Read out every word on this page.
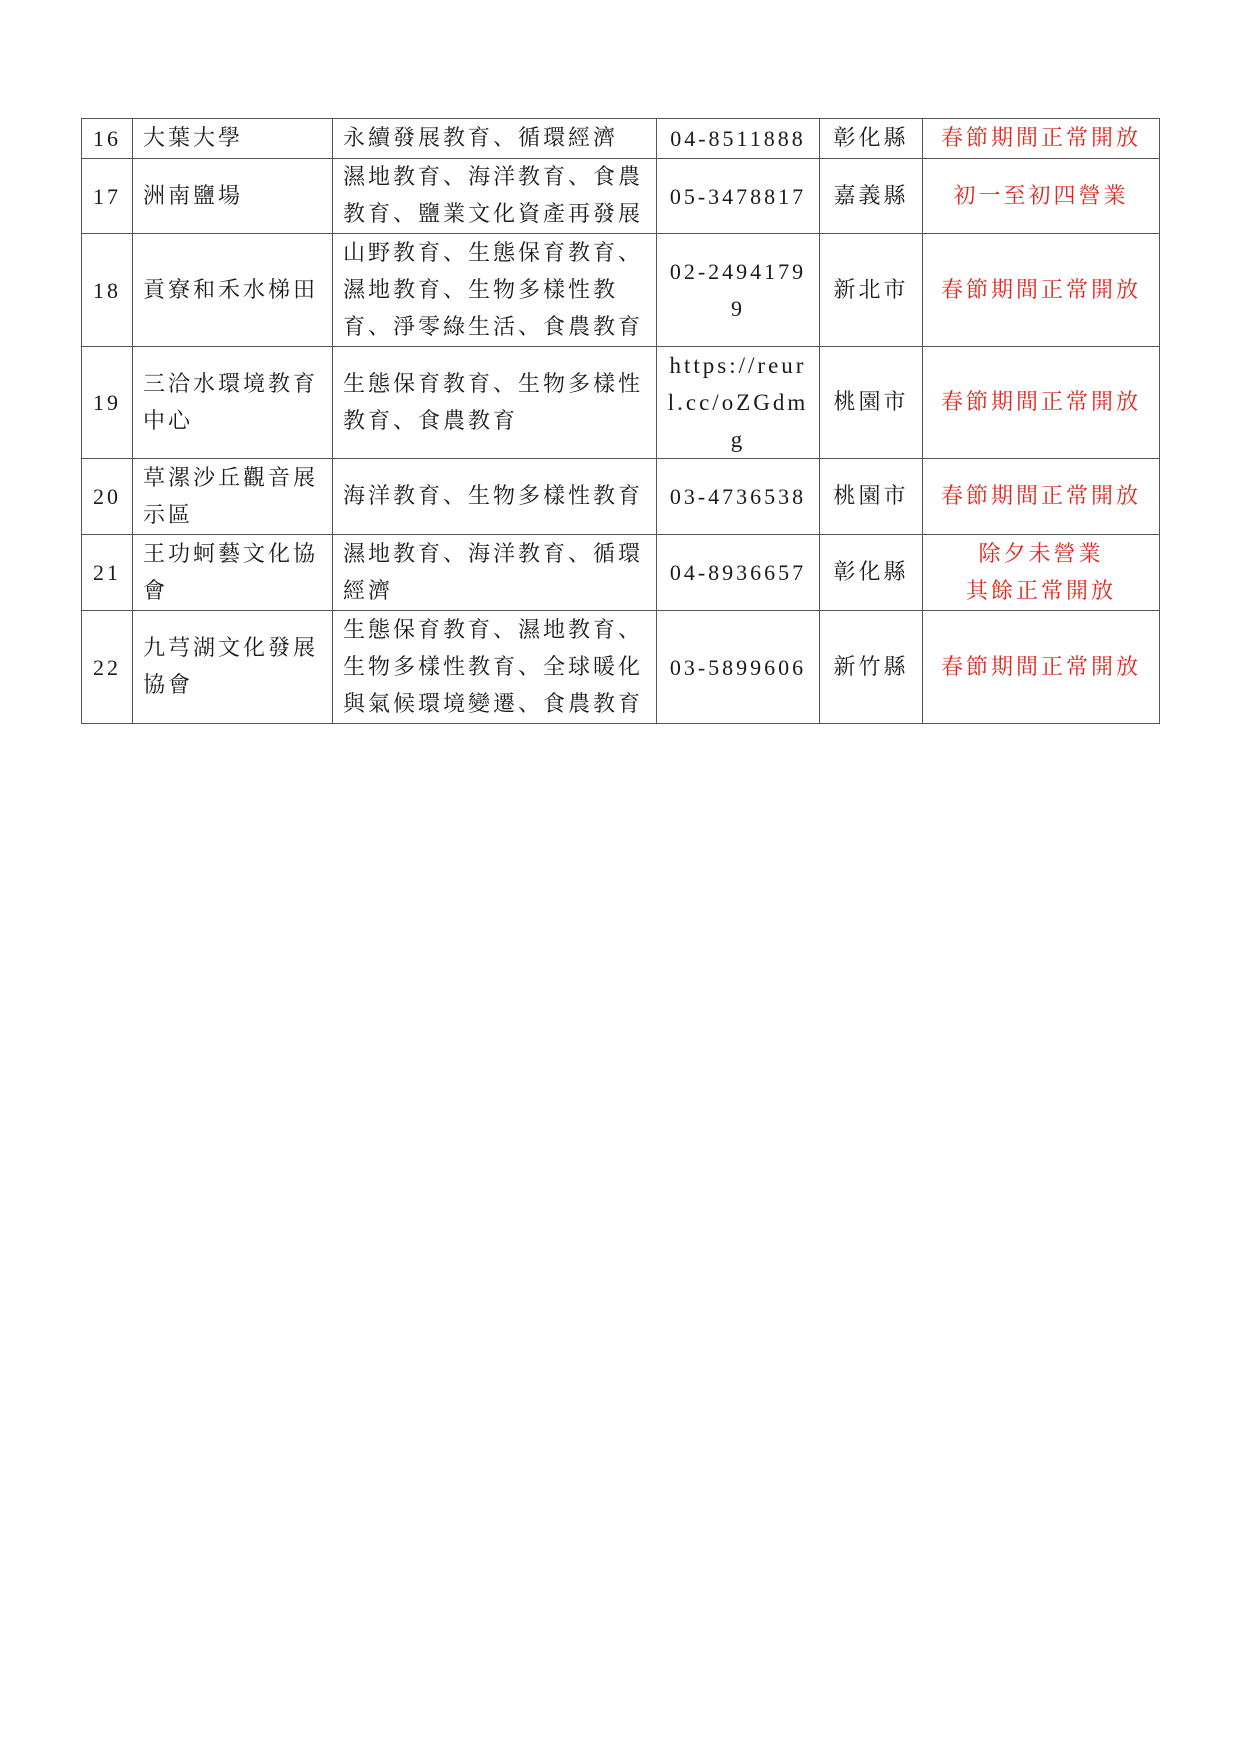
16	大葉大學	永續發展教育、循環經濟	04-8511888	彰化縣	春節期間正常開放

17	洲南鹽場	濕地教育、海洋教育、食農教育、鹽業文化資產再發展	05-3478817	嘉義縣	初一至初四營業

18	貢寮和禾水梯田	山野教育、生態保育教育、濕地教育、生物多樣性教育、淨零綠生活、食農教育	02-24941799	新北市	春節期間正常開放

19	三洽水環境教育中心	生態保育教育、生物多樣性教育、食農教育	https://reurl.cc/oZGdmg	桃園市	春節期間正常開放

20	草漯沙丘觀音展示區	海洋教育、生物多樣性教育	03-4736538	桃園市	春節期間正常開放

21	王功蚵藝文化協會	濕地教育、海洋教育、循環經濟	04-8936657	彰化縣	除夕未營業
其餘正常開放

22	九芎湖文化發展協會	生態保育教育、濕地教育、生物多樣性教育、全球暖化與氣候環境變遷、食農教育	03-5899606	新竹縣	春節期間正常開放
